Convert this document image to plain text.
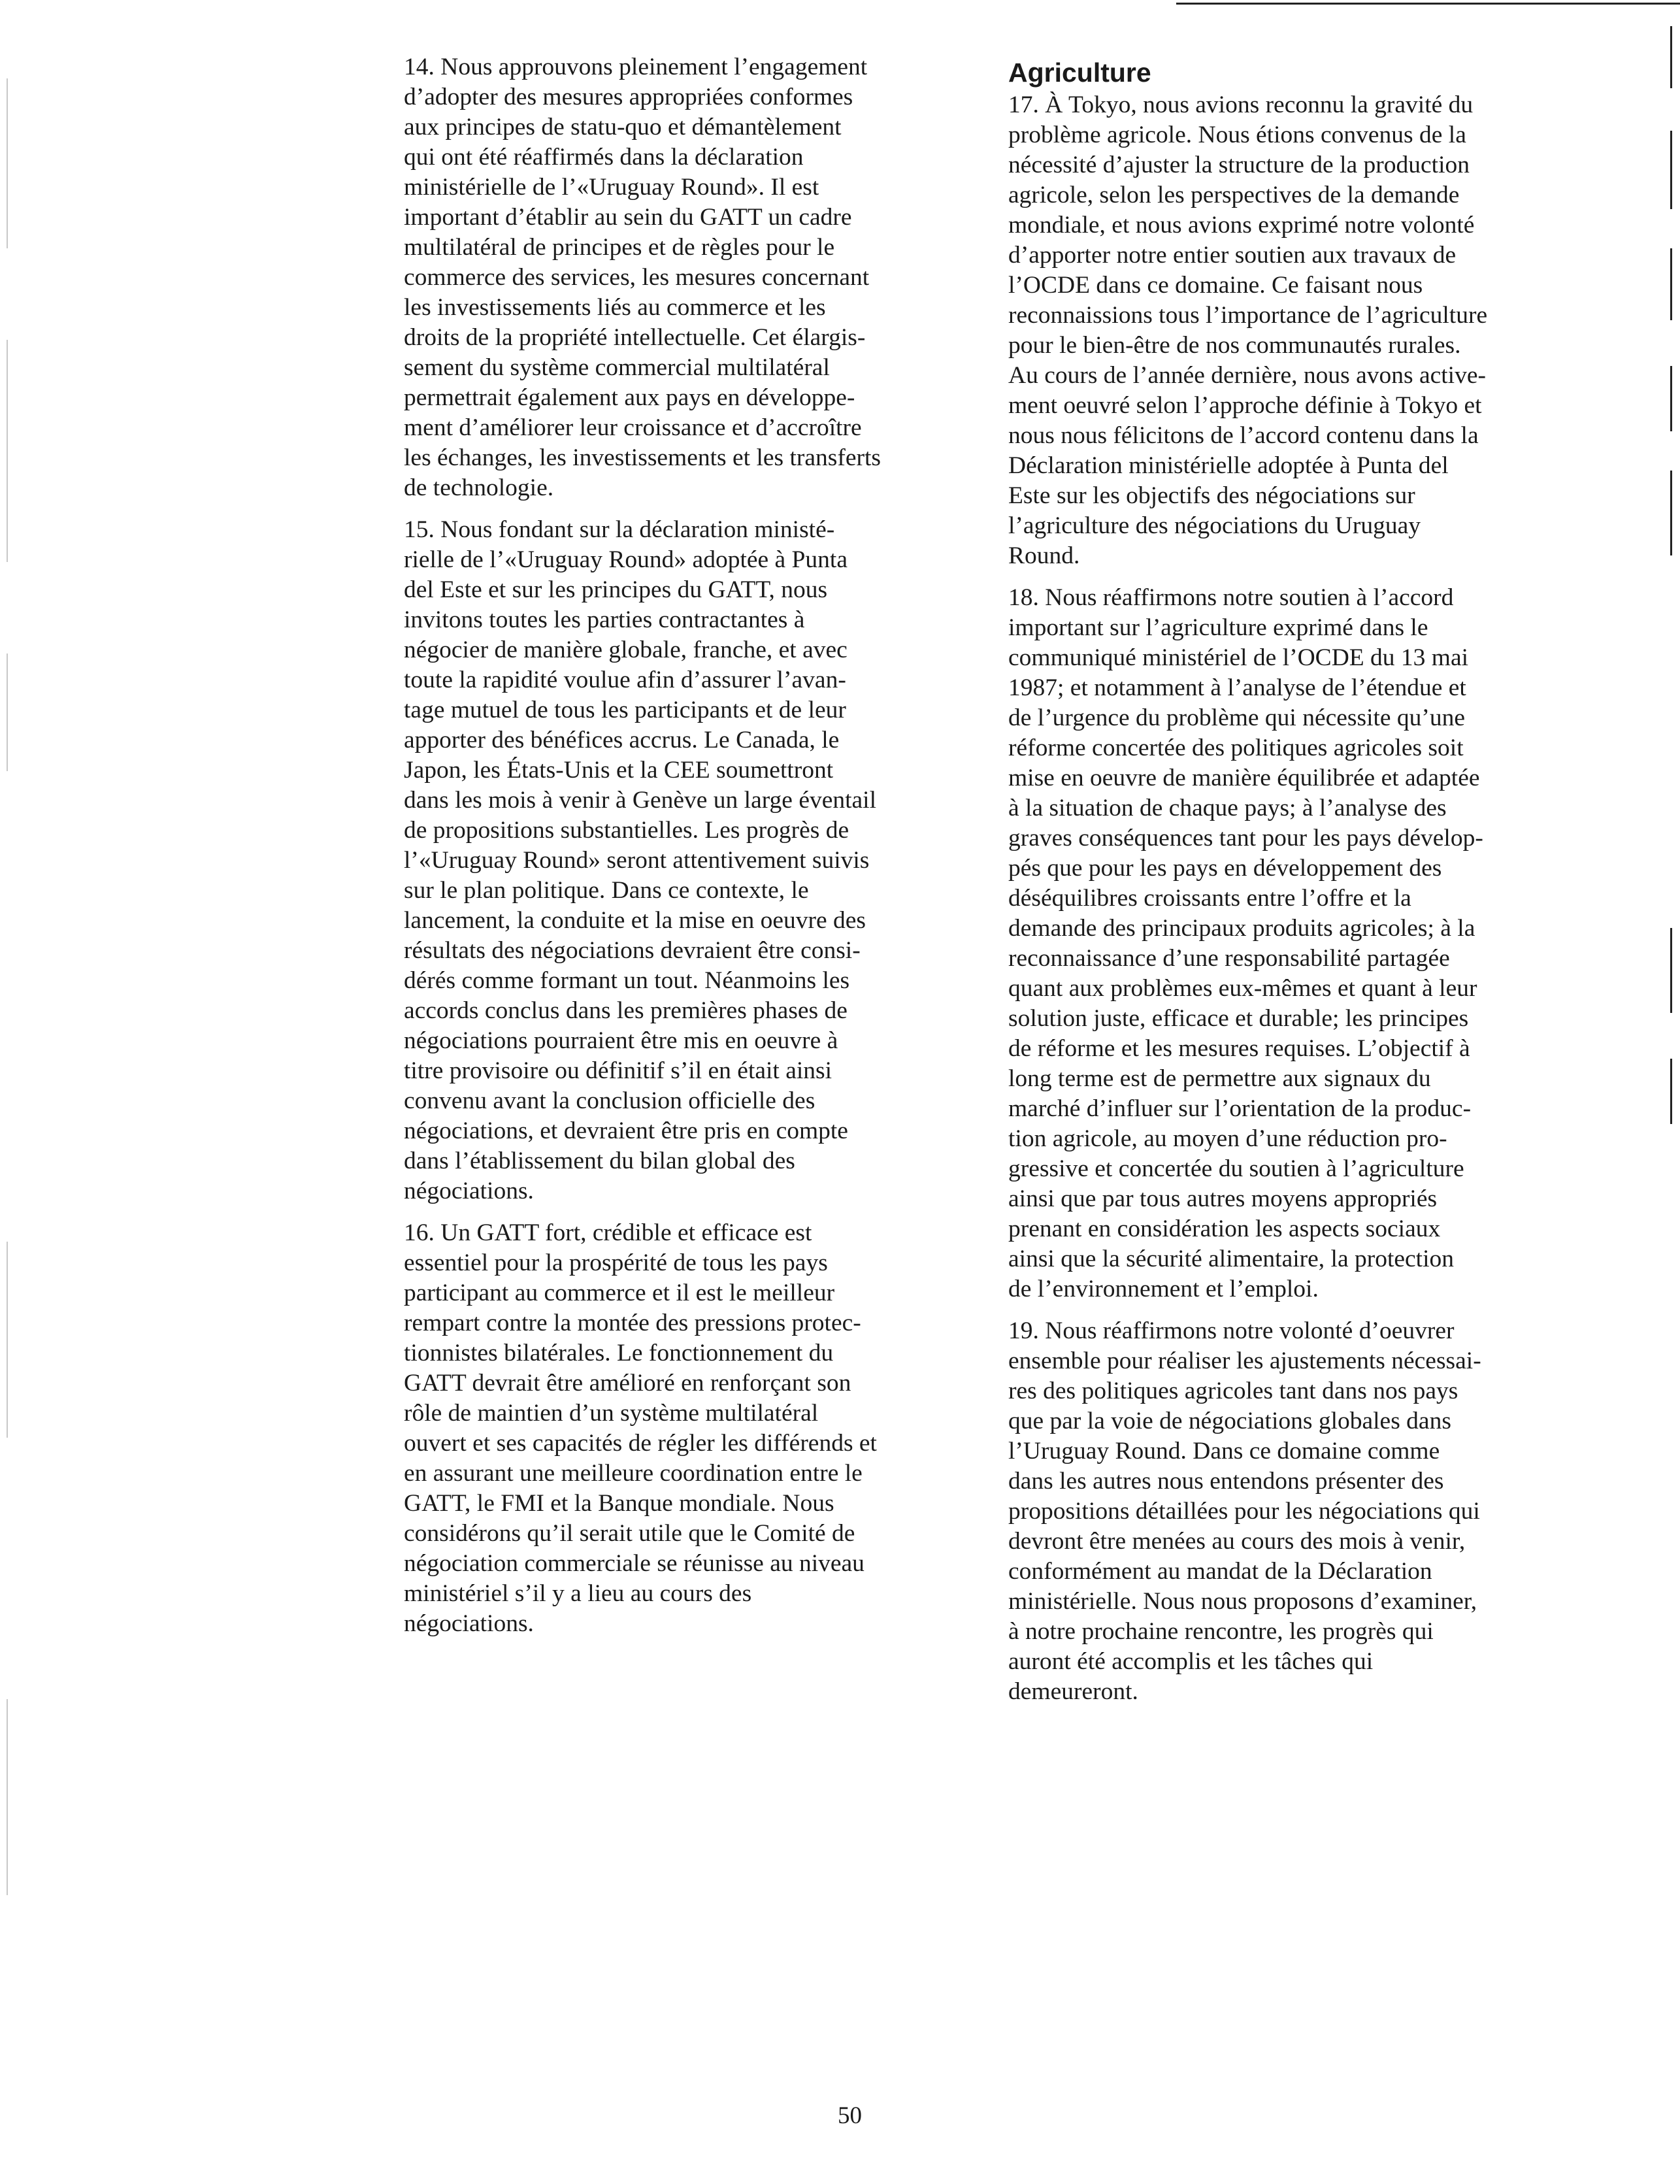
14. Nous approuvons pleinement l’engagement
d’adopter des mesures appropriées conformes
aux principes de statu-quo et démantèlement
qui ont été réaffirmés dans la déclaration
ministérielle de l’«Uruguay Round». Il est
important d’établir au sein du GATT un cadre
multilatéral de principes et de règles pour le
commerce des services, les mesures concernant
les investissements liés au commerce et les
droits de la propriété intellectuelle. Cet élargis-
sement du système commercial multilatéral
permettrait également aux pays en développe-
ment d’améliorer leur croissance et d’accroître
les échanges, les investissements et les transferts
de technologie.

15. Nous fondant sur la déclaration ministé-
rielle de l’«Uruguay Round» adoptée à Punta
del Este et sur les principes du GATT, nous
invitons toutes les parties contractantes à
négocier de manière globale, franche, et avec
toute la rapidité voulue afin d’assurer l’avan-
tage mutuel de tous les participants et de leur
apporter des bénéfices accrus. Le Canada, le
Japon, les États-Unis et la CEE soumettront
dans les mois à venir à Genève un large éventail
de propositions substantielles. Les progrès de
l’«Uruguay Round» seront attentivement suivis
sur le plan politique. Dans ce contexte, le
lancement, la conduite et la mise en oeuvre des
résultats des négociations devraient être consi-
dérés comme formant un tout. Néanmoins les
accords conclus dans les premières phases de
négociations pourraient être mis en oeuvre à
titre provisoire ou définitif s’il en était ainsi
convenu avant la conclusion officielle des
négociations, et devraient être pris en compte
dans l’établissement du bilan global des
négociations.

16. Un GATT fort, crédible et efficace est
essentiel pour la prospérité de tous les pays
participant au commerce et il est le meilleur
rempart contre la montée des pressions protec-
tionnistes bilatérales. Le fonctionnement du
GATT devrait être amélioré en renforçant son
rôle de maintien d’un système multilatéral
ouvert et ses capacités de régler les différends et
en assurant une meilleure coordination entre le
GATT, le FMI et la Banque mondiale. Nous
considérons qu’il serait utile que le Comité de
négociation commerciale se réunisse au niveau
ministériel s’il y a lieu au cours des
négociations.

Agriculture

17. À Tokyo, nous avions reconnu la gravité du
problème agricole. Nous étions convenus de la
nécessité d’ajuster la structure de la production
agricole, selon les perspectives de la demande
mondiale, et nous avions exprimé notre volonté
d’apporter notre entier soutien aux travaux de
l’OCDE dans ce domaine. Ce faisant nous
reconnaissions tous l’importance de l’agriculture
pour le bien-être de nos communautés rurales.
Au cours de l’année dernière, nous avons active-
ment oeuvré selon l’approche définie à Tokyo et
nous nous félicitons de l’accord contenu dans la
Déclaration ministérielle adoptée à Punta del
Este sur les objectifs des négociations sur
l’agriculture des négociations du Uruguay
Round.

18. Nous réaffirmons notre soutien à l’accord
important sur l’agriculture exprimé dans le
communiqué ministériel de l’OCDE du 13 mai
1987; et notamment à l’analyse de l’étendue et
de l’urgence du problème qui nécessite qu’une
réforme concertée des politiques agricoles soit
mise en oeuvre de manière équilibrée et adaptée
à la situation de chaque pays; à l’analyse des
graves conséquences tant pour les pays dévelop-
pés que pour les pays en développement des
déséquilibres croissants entre l’offre et la
demande des principaux produits agricoles; à la
reconnaissance d’une responsabilité partagée
quant aux problèmes eux-mêmes et quant à leur
solution juste, efficace et durable; les principes
de réforme et les mesures requises. L’objectif à
long terme est de permettre aux signaux du
marché d’influer sur l’orientation de la produc-
tion agricole, au moyen d’une réduction pro-
gressive et concertée du soutien à l’agriculture
ainsi que par tous autres moyens appropriés
prenant en considération les aspects sociaux
ainsi que la sécurité alimentaire, la protection
de l’environnement et l’emploi.

19. Nous réaffirmons notre volonté d’oeuvrer
ensemble pour réaliser les ajustements nécessai-
res des politiques agricoles tant dans nos pays
que par la voie de négociations globales dans
l’Uruguay Round. Dans ce domaine comme
dans les autres nous entendons présenter des
propositions détaillées pour les négociations qui
devront être menées au cours des mois à venir,
conformément au mandat de la Déclaration
ministérielle. Nous nous proposons d’examiner,
à notre prochaine rencontre, les progrès qui
auront été accomplis et les tâches qui
demeureront.

50
